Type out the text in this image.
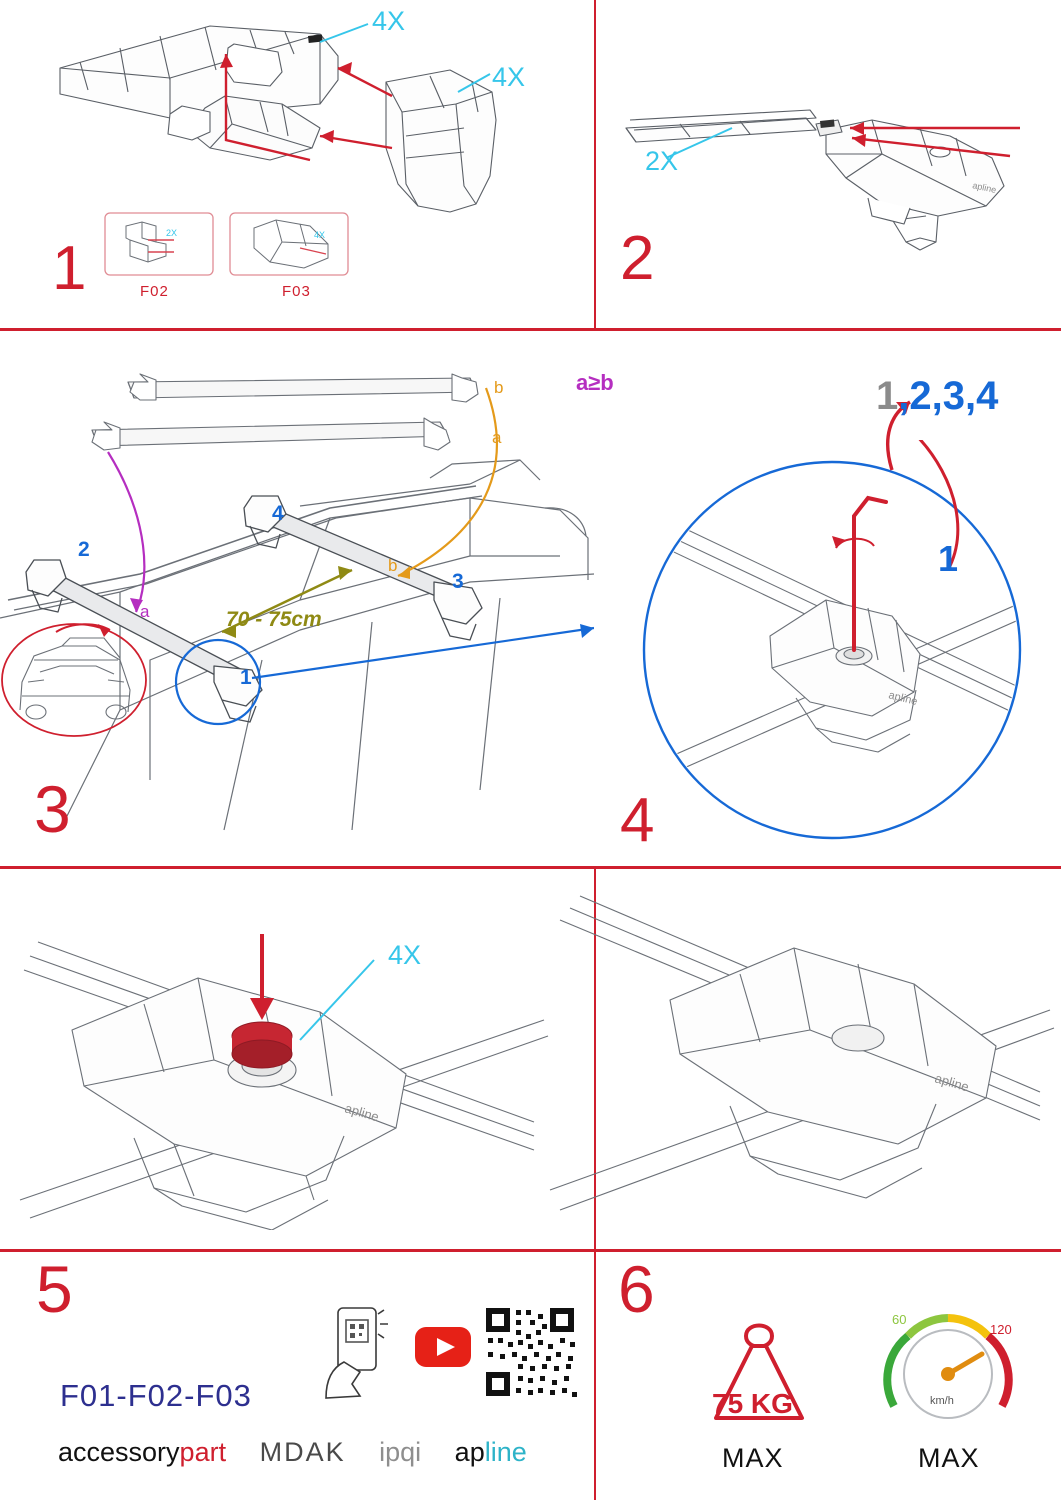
4X
4X
2X	4X
F02	F03
1
apline
2X
2
b
a
a
b
a≥b
70 - 75cm
1
2
3
4
3
apline
1,2,3,4
1
4
apline
4X
5
apline
F01-F02-F03
accessorypart MDAK ipqi apline
6
75 KG
MAX
60
120
km/h
MAX
